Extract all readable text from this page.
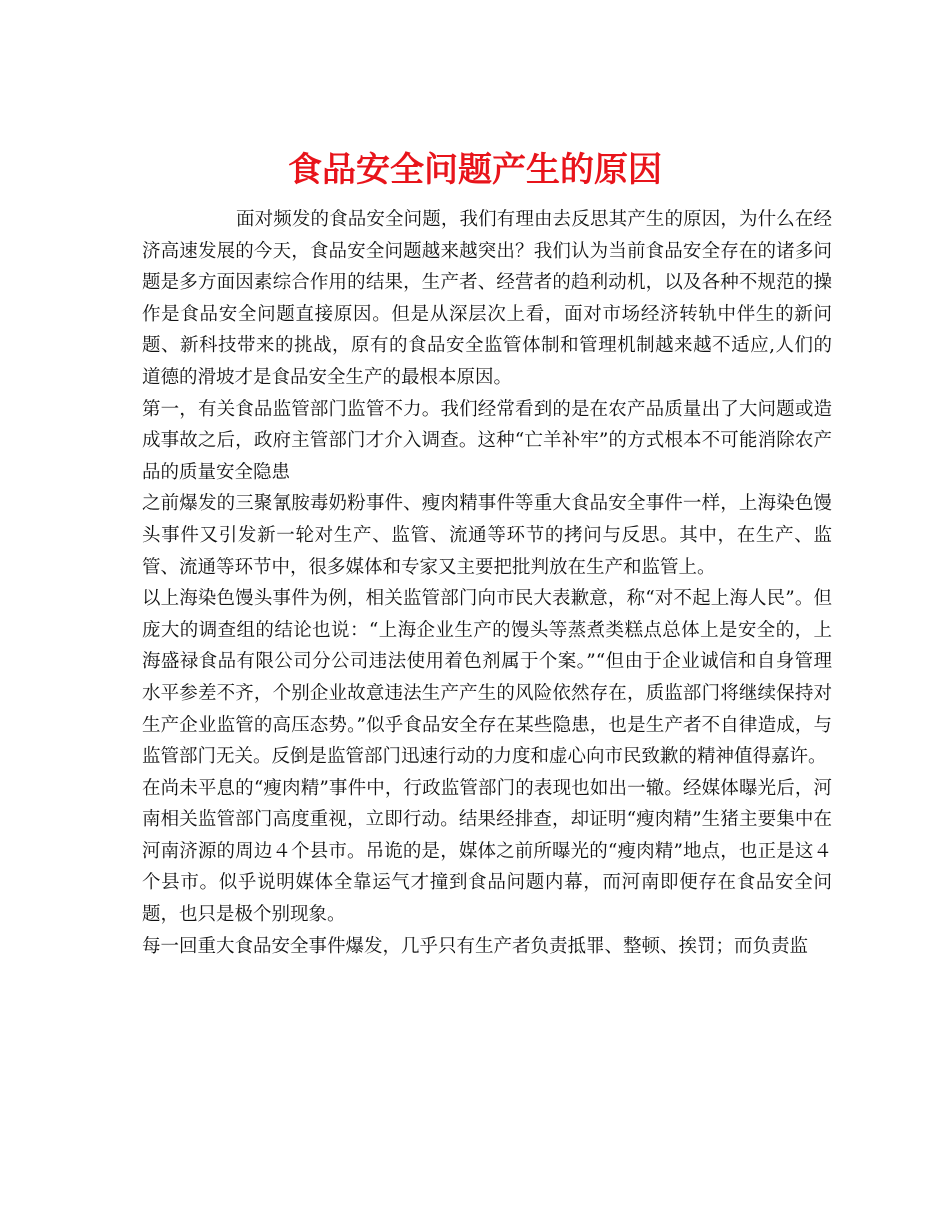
食品安全问题产生的原因

面对频发的食品安全问题，我们有理由去反思其产生的原因，为什么在经济高速发展的今天，食品安全问题越来越突出？我们认为当前食品安全存在的诸多问题是多方面因素综合作用的结果，生产者、经营者的趋利动机，以及各种不规范的操作是食品安全问题直接原因。但是从深层次上看，面对市场经济转轨中伴生的新问题、新科技带来的挑战，原有的食品安全监管体制和管理机制越来越不适应,人们的道德的滑坡才是食品安全生产的最根本原因。

第一，有关食品监管部门监管不力。我们经常看到的是在农产品质量出了大问题或造成事故之后，政府主管部门才介入调查。这种“亡羊补牢”的方式根本不可能消除农产品的质量安全隐患

之前爆发的三聚氰胺毒奶粉事件、瘦肉精事件等重大食品安全事件一样，上海染色馒头事件又引发新一轮对生产、监管、流通等环节的拷问与反思。其中，在生产、监管、流通等环节中，很多媒体和专家又主要把批判放在生产和监管上。

以上海染色馒头事件为例，相关监管部门向市民大表歉意，称“对不起上海人民”。但庞大的调查组的结论也说：“上海企业生产的馒头等蒸煮类糕点总体上是安全的，上海盛禄食品有限公司分公司违法使用着色剂属于个案。”“但由于企业诚信和自身管理水平参差不齐，个别企业故意违法生产产生的风险依然存在，质监部门将继续保持对生产企业监管的高压态势。”似乎食品安全存在某些隐患，也是生产者不自律造成，与监管部门无关。反倒是监管部门迅速行动的力度和虚心向市民致歉的精神值得嘉许。

在尚未平息的“瘦肉精”事件中，行政监管部门的表现也如出一辙。经媒体曝光后，河南相关监管部门高度重视，立即行动。结果经排查，却证明“瘦肉精”生猪主要集中在河南济源的周边４个县市。吊诡的是，媒体之前所曝光的“瘦肉精”地点，也正是这４个县市。似乎说明媒体全靠运气才撞到食品问题内幕，而河南即便存在食品安全问题，也只是极个别现象。

每一回重大食品安全事件爆发，几乎只有生产者负责抵罪、整顿、挨罚；而负责监
